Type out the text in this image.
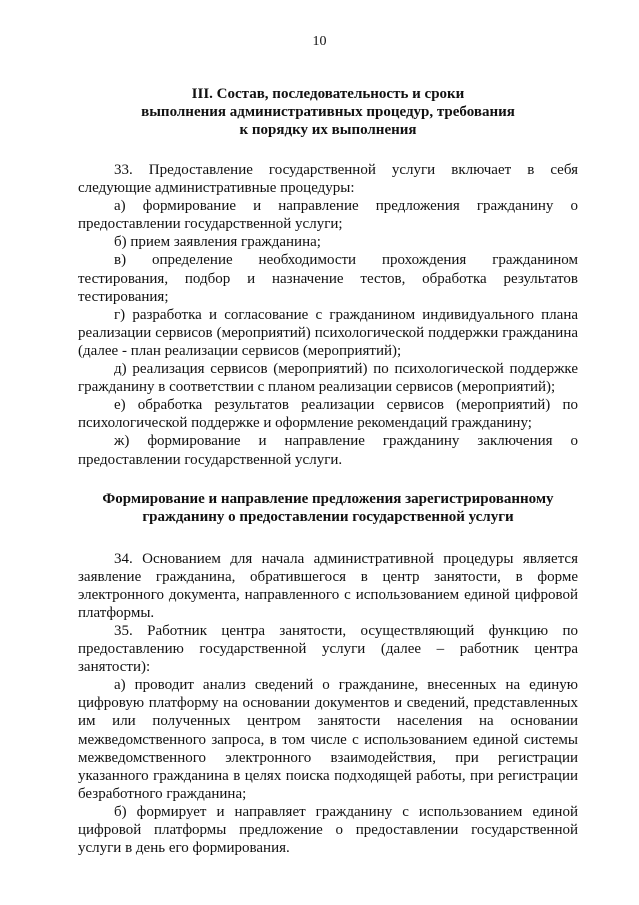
10
III. Состав, последовательность и сроки
выполнения административных процедур, требования
к порядку их выполнения

33. Предоставление государственной услуги включает в себя следующие административные процедуры:

а) формирование и направление предложения гражданину о предоставлении государственной услуги;

б) прием заявления гражданина;

в) определение необходимости прохождения гражданином тестирования, подбор и назначение тестов, обработка результатов тестирования;

г) разработка и согласование с гражданином индивидуального плана реализации сервисов (мероприятий) психологической поддержки гражданина (далее - план реализации сервисов (мероприятий);

д) реализация сервисов (мероприятий) по психологической поддержке гражданину в соответствии с планом реализации сервисов (мероприятий);

е) обработка результатов реализации сервисов (мероприятий) по психологической поддержке и оформление рекомендаций гражданину;

ж) формирование и направление гражданину заключения о предоставлении государственной услуги.

Формирование и направление предложения зарегистрированному
гражданину о предоставлении государственной услуги

34. Основанием для начала административной процедуры является заявление гражданина, обратившегося в центр занятости, в форме электронного документа, направленного с использованием единой цифровой платформы.

35. Работник центра занятости, осуществляющий функцию по предоставлению государственной услуги (далее – работник центра занятости):

а) проводит анализ сведений о гражданине, внесенных на единую цифровую платформу на основании документов и сведений, представленных им или полученных центром занятости населения на основании межведомственного запроса, в том числе с использованием единой системы межведомственного электронного взаимодействия, при регистрации указанного гражданина в целях поиска подходящей работы, при регистрации безработного гражданина;

б) формирует и направляет гражданину с использованием единой цифровой платформы предложение о предоставлении государственной услуги в день его формирования.
